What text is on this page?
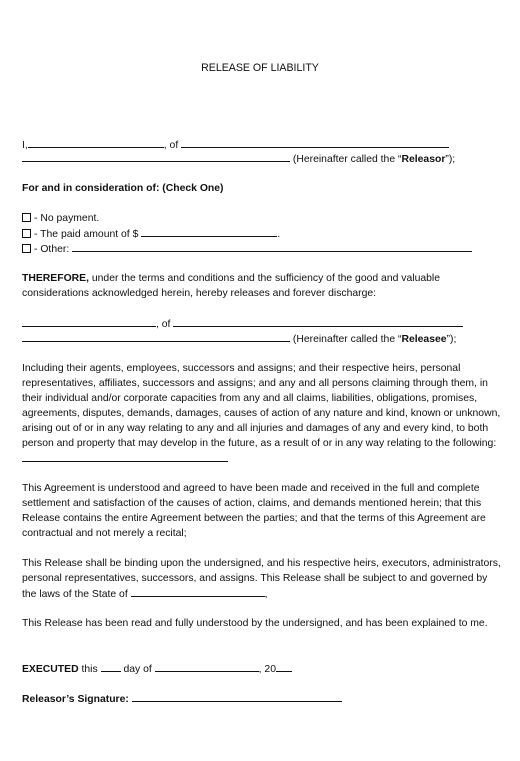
RELEASE OF LIABILITY
I,	, of
(Hereinafter called the “Releasor”);
For and in consideration of: (Check One)
- No payment.
- The paid amount of $	.
- Other:

THEREFORE, under the terms and conditions and the sufficiency of the good and valuable considerations acknowledged herein, hereby releases and forever discharge:

, of
(Hereinafter called the “Releasee”);

Including their agents, employees, successors and assigns; and their respective heirs, personal representatives, affiliates, successors and assigns; and any and all persons claiming through them, in their individual and/or corporate capacities from any and all claims, liabilities, obligations, promises, agreements, disputes, demands, damages, causes of action of any nature and kind, known or unknown, arising out of or in any way relating to any and all injuries and damages of any and every kind, to both person and property that may develop in the future, as a result of or in any way relating to the following:

This Agreement is understood and agreed to have been made and received in the full and complete settlement and satisfaction of the causes of action, claims, and demands mentioned herein; that this Release contains the entire Agreement between the parties; and that the terms of this Agreement are contractual and not merely a recital;

This Release shall be binding upon the undersigned, and his respective heirs, executors, administrators, personal representatives, successors, and assigns. This Release shall be subject to and governed by the laws of the State of	,

This Release has been read and fully understood by the undersigned, and has been explained to me.

EXECUTED this day of	, 20
Releasor’s Signature:
